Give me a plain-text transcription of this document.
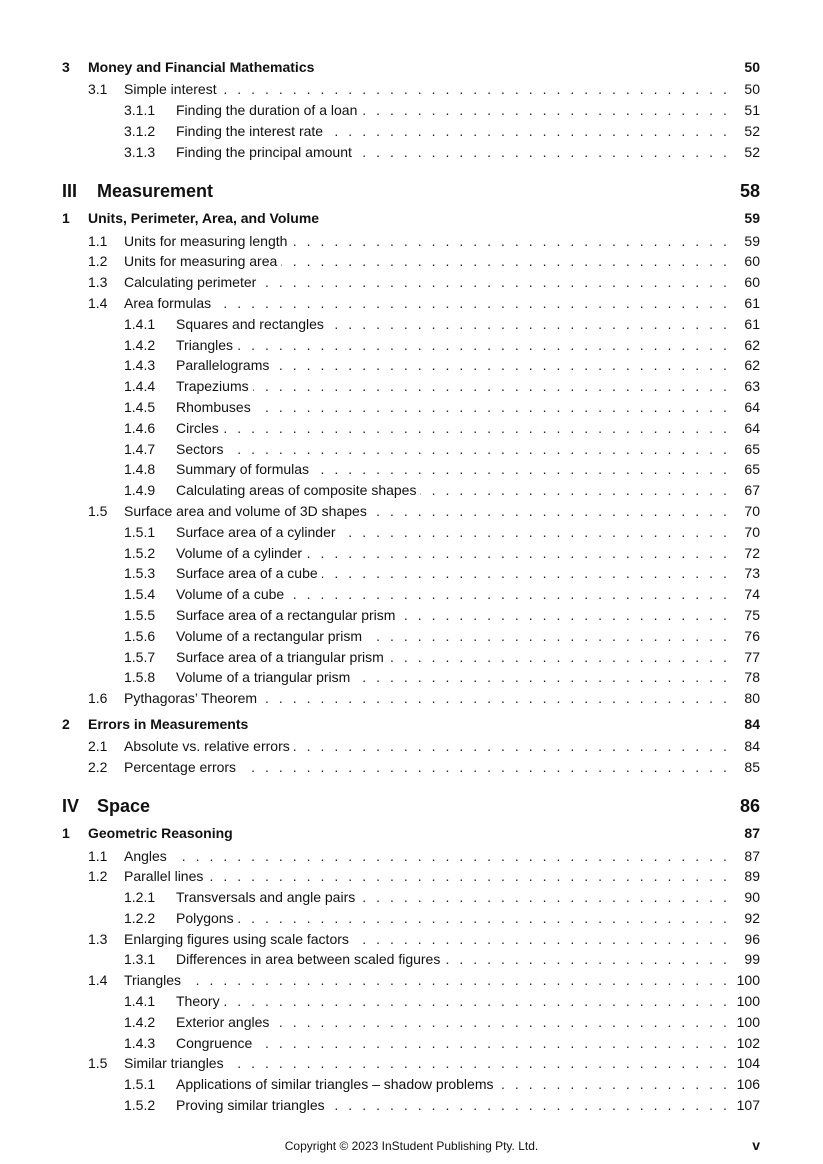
3	Money and Financial Mathematics	50
3.1	Simple interest . . .	50
3.1.1	Finding the duration of a loan . . .	51
3.1.2	Finding the interest rate . . .	52
3.1.3	Finding the principal amount . . .	52
III	Measurement	58
1	Units, Perimeter, Area, and Volume	59
1.1	Units for measuring length . . .	59
1.2	Units for measuring area . . .	60
1.3	Calculating perimeter . . .	60
1.4	Area formulas . . .	61
1.4.1	Squares and rectangles . . .	61
1.4.2	Triangles . . .	62
1.4.3	Parallelograms . . .	62
1.4.4	Trapeziums . . .	63
1.4.5	Rhombuses . . .	64
1.4.6	Circles . . .	64
1.4.7	Sectors . . .	65
1.4.8	Summary of formulas . . .	65
1.4.9	Calculating areas of composite shapes . . .	67
1.5	Surface area and volume of 3D shapes . . .	70
1.5.1	Surface area of a cylinder . . .	70
1.5.2	Volume of a cylinder . . .	72
1.5.3	Surface area of a cube . . .	73
1.5.4	Volume of a cube . . .	74
1.5.5	Surface area of a rectangular prism . . .	75
1.5.6	Volume of a rectangular prism . . .	76
1.5.7	Surface area of a triangular prism . . .	77
1.5.8	Volume of a triangular prism . . .	78
1.6	Pythagoras’ Theorem . . .	80
2	Errors in Measurements	84
2.1	Absolute vs. relative errors . . .	84
2.2	Percentage errors . . .	85
IV Space	86
1	Geometric Reasoning	87
1.1	Angles . . .	87
1.2	Parallel lines . . .	89
1.2.1	Transversals and angle pairs . . .	90
1.2.2	Polygons . . .	92
1.3	Enlarging figures using scale factors . . .	96
1.3.1	Differences in area between scaled figures . . .	99
1.4	Triangles . . .	100
1.4.1	Theory . . .	100
1.4.2	Exterior angles . . .	100
1.4.3	Congruence . . .	102
1.5	Similar triangles . . .	104
1.5.1	Applications of similar triangles – shadow problems . . .	106
1.5.2	Proving similar triangles . . .	107
Copyright © 2023 InStudent Publishing Pty. Ltd.	v
